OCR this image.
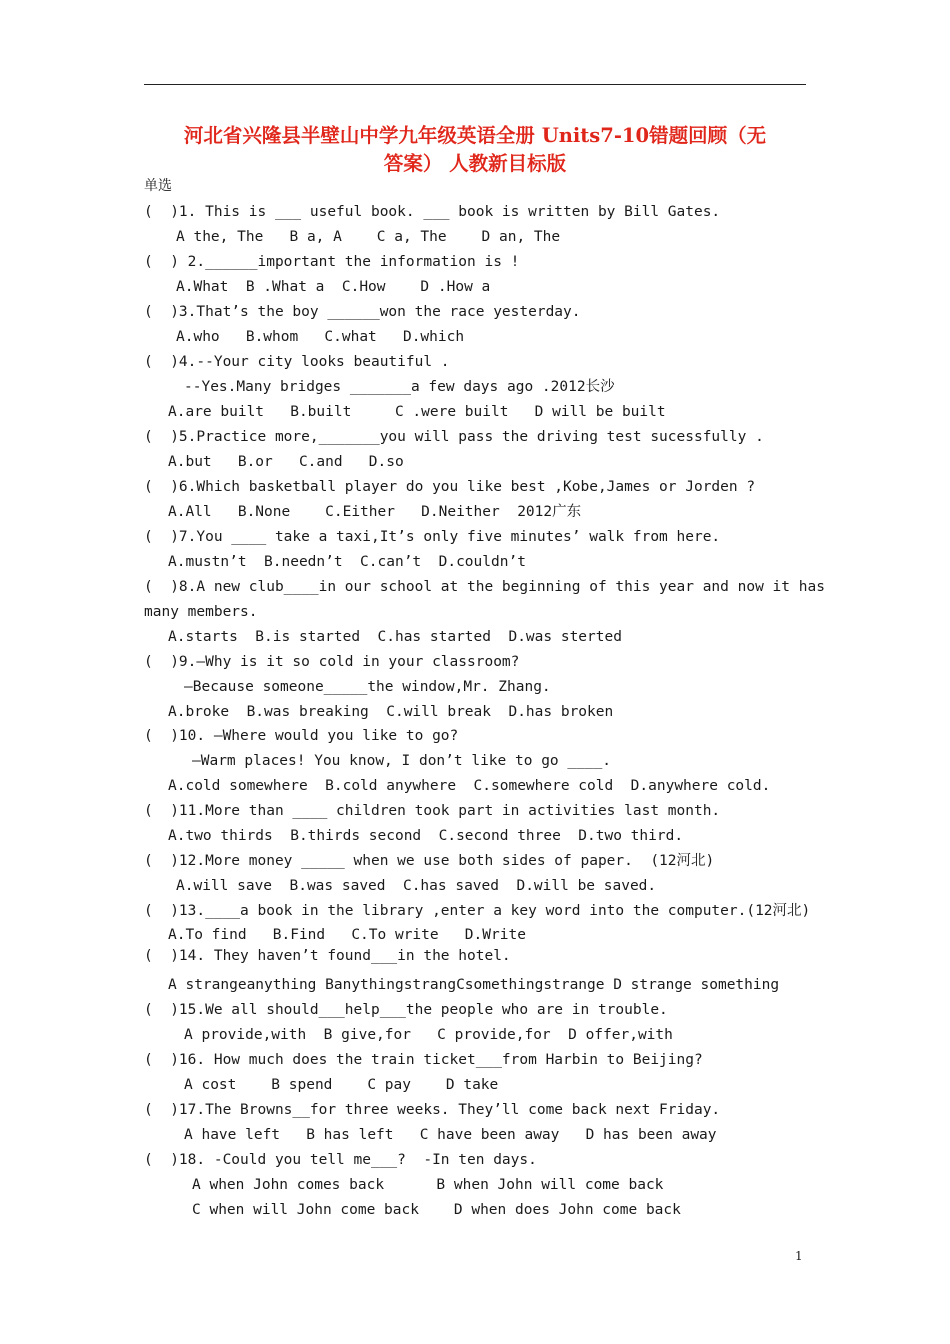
河北省兴隆县半壁山中学九年级英语全册 Units7-10错题回顾（无
答案） 人教新目标版
单选
(  )1. This is ___ useful book. ___ book is written by Bill Gates.
A the, The   B a, A    C a, The    D an, The
(  ) 2.______important the information is !
A.What  B .What a  C.How    D .How a
(  )3.That’s the boy ______won the race yesterday.
A.who   B.whom   C.what   D.which
(  )4.--Your city looks beautiful .
--Yes.Many bridges _______a few days ago .2012长沙
A.are built   B.built     C .were built   D will be built
(  )5.Practice more,_______you will pass the driving test sucessfully .
A.but   B.or   C.and   D.so
(  )6.Which basketball player do you like best ,Kobe,James or Jorden ?
A.All   B.None    C.Either   D.Neither  2012广东
(  )7.You ____ take a taxi,It’s only five minutes’ walk from here.
A.mustn’t  B.needn’t  C.can’t  D.couldn’t
(  )8.A new club____in our school at the beginning of this year and now it has
many members.
A.starts  B.is started  C.has started  D.was sterted
(  )9.—Why is it so cold in your classroom?
—Because someone_____the window,Mr. Zhang.
A.broke  B.was breaking  C.will break  D.has broken
(  )10. —Where would you like to go?
—Warm places! You know, I don’t like to go ____.
A.cold somewhere  B.cold anywhere  C.somewhere cold  D.anywhere cold.
(  )11.More than ____ children took part in activities last month.
A.two thirds  B.thirds second  C.second three  D.two third.
(  )12.More money _____ when we use both sides of paper.  (12河北)
A.will save  B.was saved  C.has saved  D.will be saved.
(  )13.____a book in the library ,enter a key word into the computer.(12河北)
A.To find   B.Find   C.To write   D.Write
(  )14. They haven’t found___in the hotel.
A strangeanything BanythingstrangCsomethingstrange D strange something
(  )15.We all should___help___the people who are in trouble.
A provide,with  B give,for   C provide,for  D offer,with
(  )16. How much does the train ticket___from Harbin to Beijing?
A cost    B spend    C pay    D take
(  )17.The Browns__for three weeks. They’ll come back next Friday.
A have left   B has left   C have been away   D has been away
(  )18. -Could you tell me___?  -In ten days.
A when John comes back      B when John will come back
C when will John come back    D when does John come back
1
